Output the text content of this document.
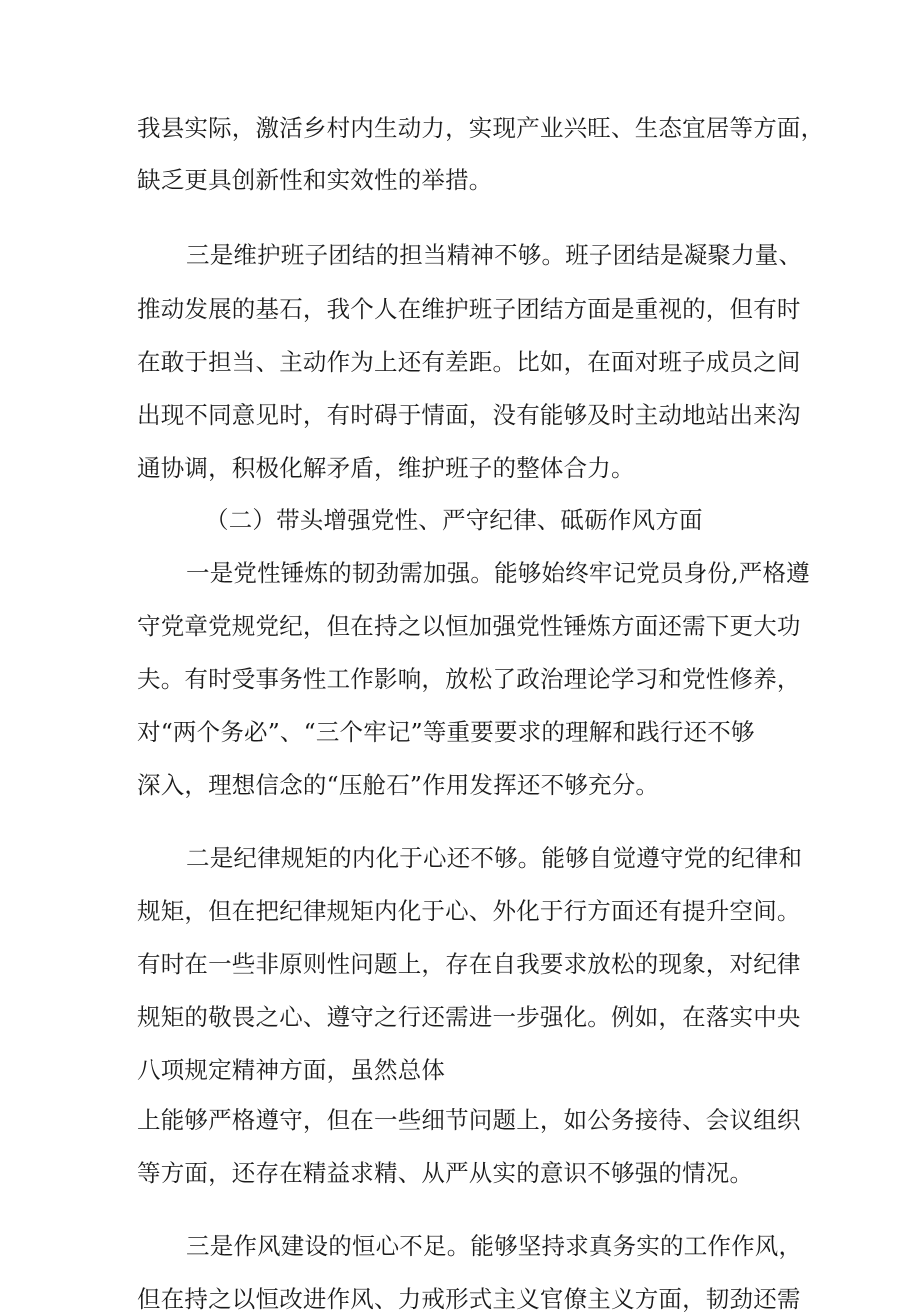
我县实际，激活乡村内生动力，实现产业兴旺、生态宜居等方面，
缺乏更具创新性和实效性的举措。
三是维护班子团结的担当精神不够。班子团结是凝聚力量、
推动发展的基石，我个人在维护班子团结方面是重视的，但有时
在敢于担当、主动作为上还有差距。比如，在面对班子成员之间
出现不同意见时，有时碍于情面，没有能够及时主动地站出来沟
通协调，积极化解矛盾，维护班子的整体合力。
（二）带头增强党性、严守纪律、砥砺作风方面
一是党性锤炼的韧劲需加强。能够始终牢记党员身份,严格遵
守党章党规党纪，但在持之以恒加强党性锤炼方面还需下更大功
夫。有时受事务性工作影响，放松了政治理论学习和党性修养，
对“两个务必”、“三个牢记”等重要要求的理解和践行还不够
深入，理想信念的“压舱石”作用发挥还不够充分。
二是纪律规矩的内化于心还不够。能够自觉遵守党的纪律和
规矩，但在把纪律规矩内化于心、外化于行方面还有提升空间。
有时在一些非原则性问题上，存在自我要求放松的现象，对纪律
规矩的敬畏之心、遵守之行还需进一步强化。例如，在落实中央
八项规定精神方面，虽然总体
上能够严格遵守，但在一些细节问题上，如公务接待、会议组织
等方面，还存在精益求精、从严从实的意识不够强的情况。
三是作风建设的恒心不足。能够坚持求真务实的工作作风，
但在持之以恒改进作风、力戒形式主义官僚主义方面，韧劲还需
